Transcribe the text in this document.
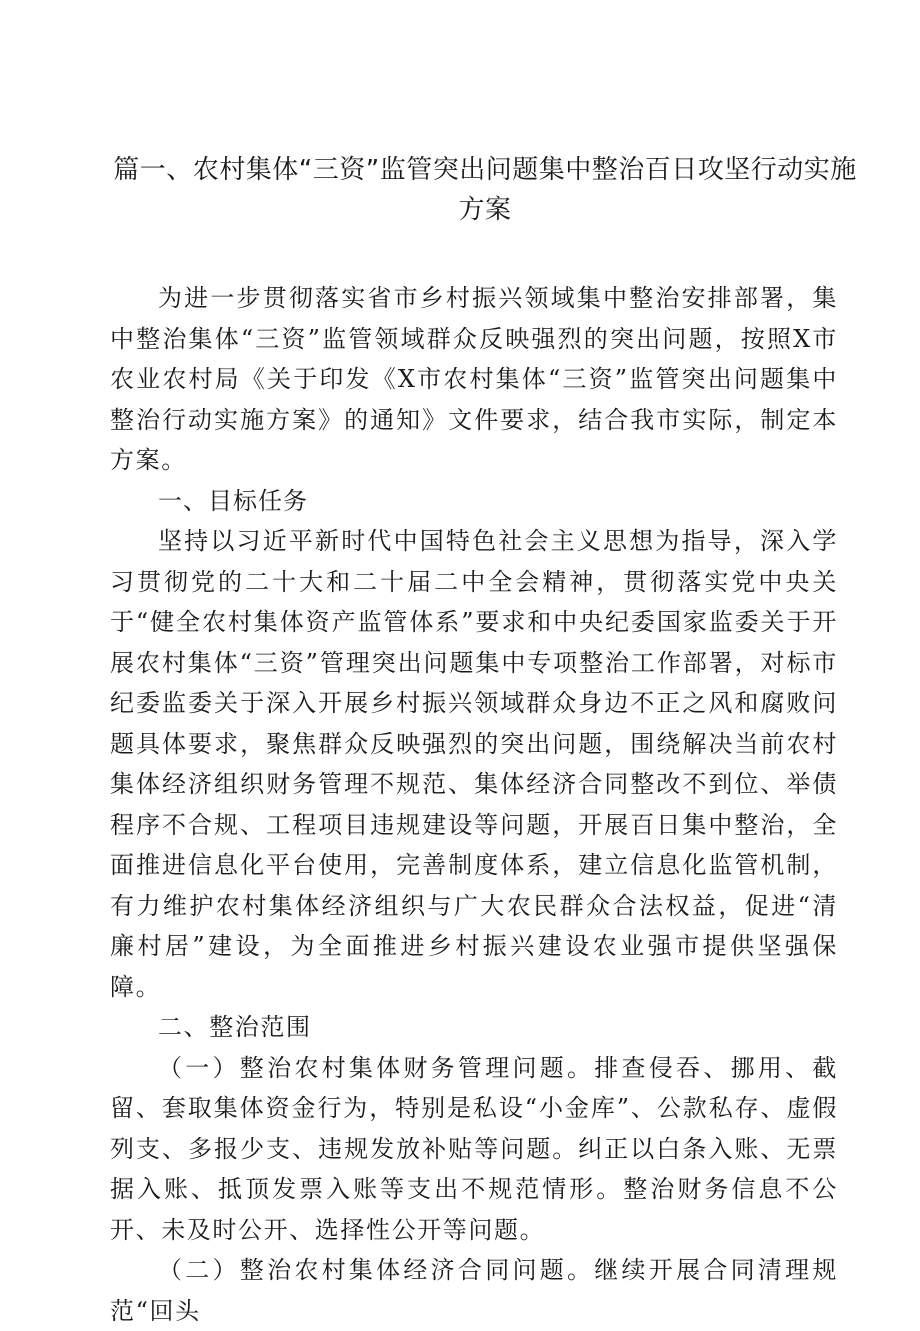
篇一、农村集体“三资”监管突出问题集中整治百日攻坚行动实施方案

为进一步贯彻落实省市乡村振兴领域集中整治安排部署，集中整治集体“三资”监管领域群众反映强烈的突出问题，按照X市农业农村局《关于印发《X市农村集体“三资”监管突出问题集中整治行动实施方案》的通知》文件要求，结合我市实际，制定本方案。

一、目标任务

坚持以习近平新时代中国特色社会主义思想为指导，深入学习贯彻党的二十大和二十届二中全会精神，贯彻落实党中央关于“健全农村集体资产监管体系”要求和中央纪委国家监委关于开展农村集体“三资”管理突出问题集中专项整治工作部署，对标市纪委监委关于深入开展乡村振兴领域群众身边不正之风和腐败问题具体要求，聚焦群众反映强烈的突出问题，围绕解决当前农村集体经济组织财务管理不规范、集体经济合同整改不到位、举债程序不合规、工程项目违规建设等问题，开展百日集中整治，全面推进信息化平台使用，完善制度体系，建立信息化监管机制，有力维护农村集体经济组织与广大农民群众合法权益，促进“清廉村居”建设，为全面推进乡村振兴建设农业强市提供坚强保障。

二、整治范围

（一）整治农村集体财务管理问题。排查侵吞、挪用、截留、套取集体资金行为，特别是私设“小金库”、公款私存、虚假列支、多报少支、违规发放补贴等问题。纠正以白条入账、无票据入账、抵顶发票入账等支出不规范情形。整治财务信息不公开、未及时公开、选择性公开等问题。

（二）整治农村集体经济合同问题。继续开展合同清理规范“回头
